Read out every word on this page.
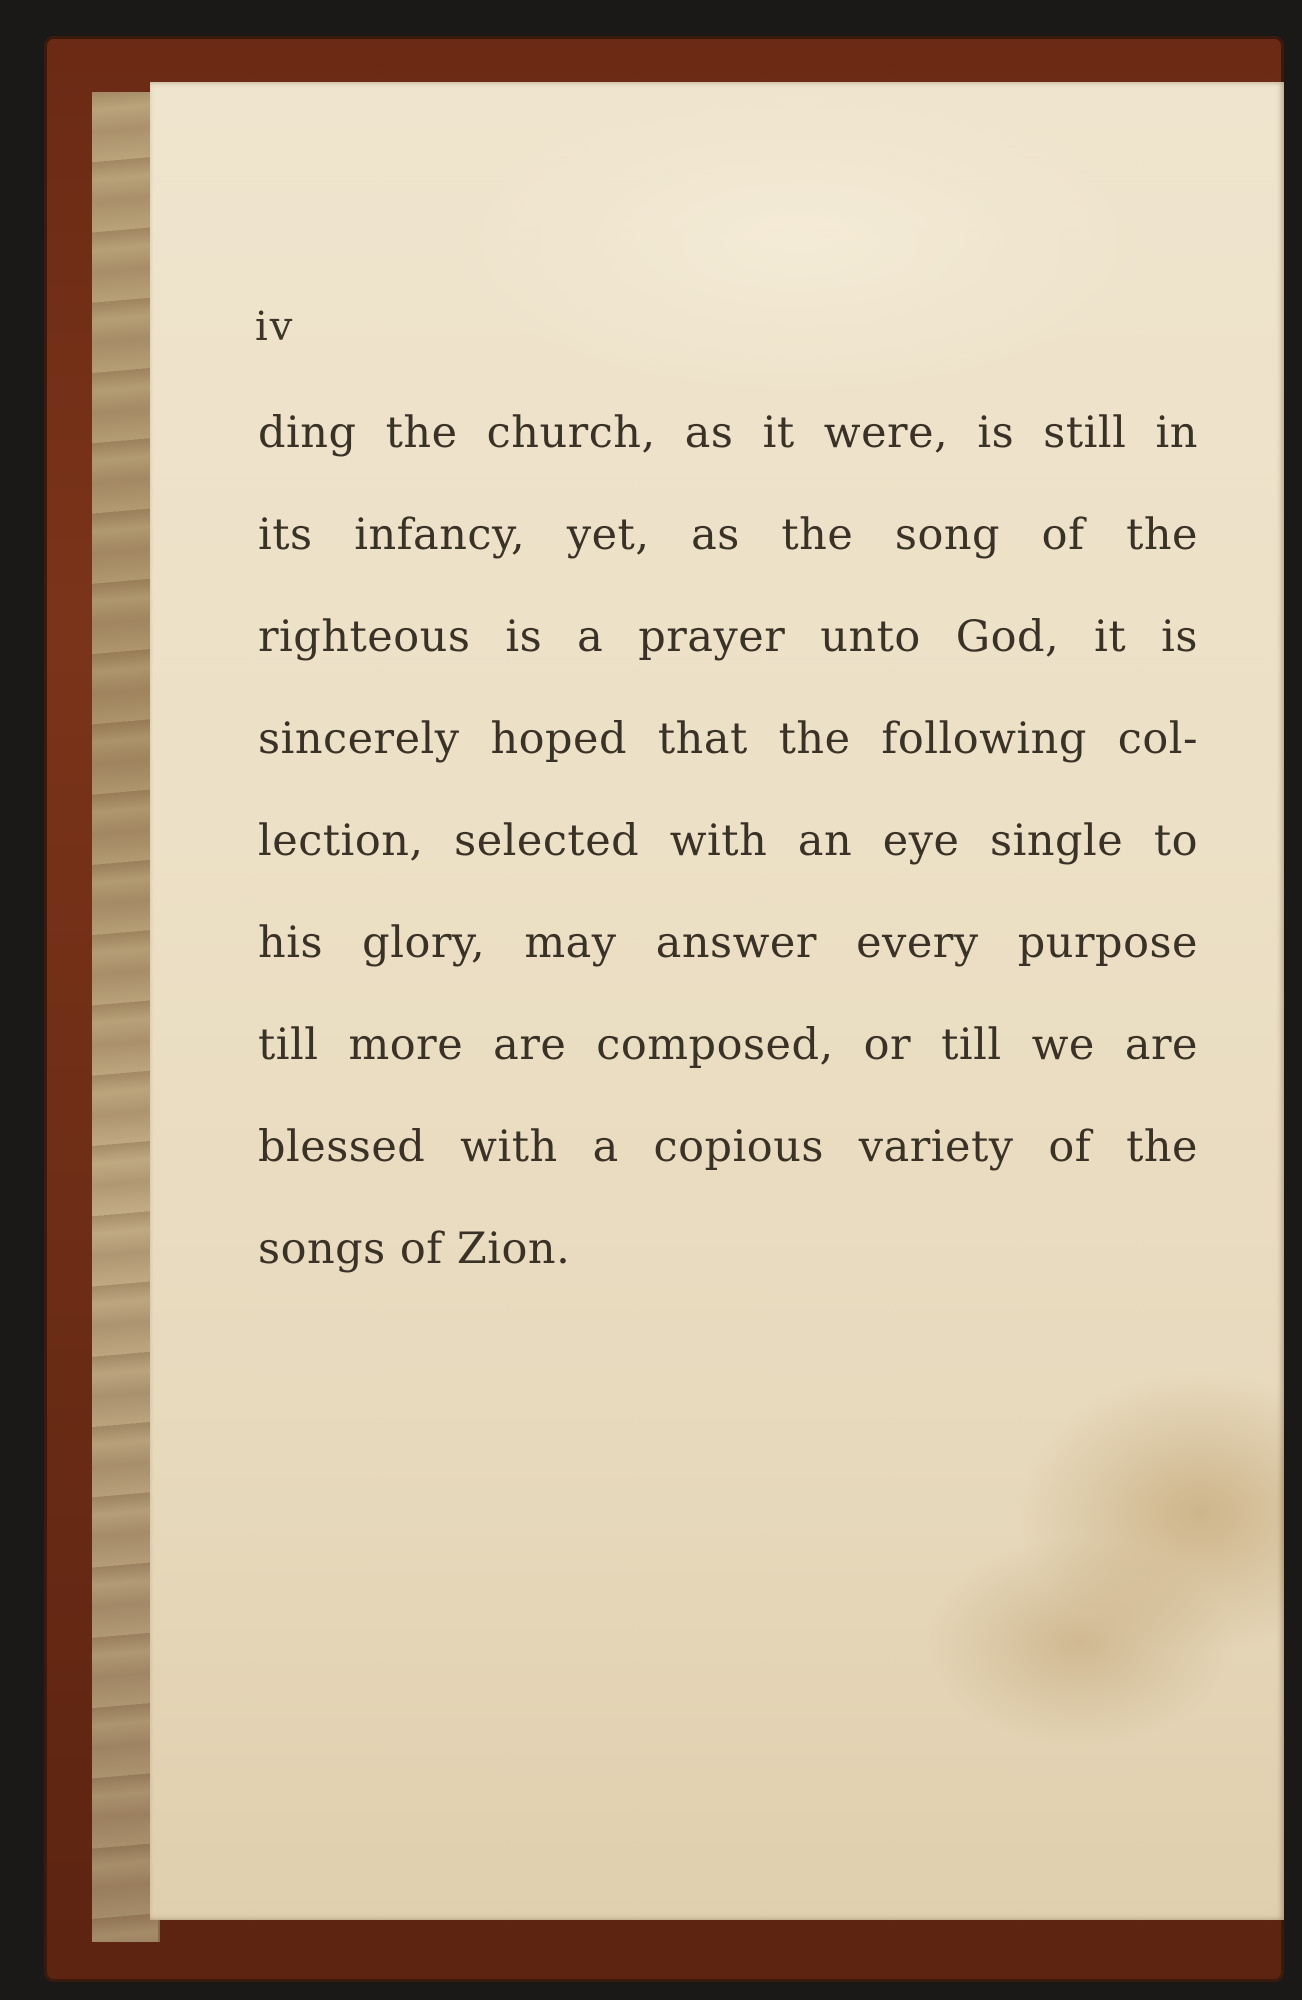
iv

ding the church, as it were, is still in
its infancy, yet, as the song of the
righteous is a prayer unto God, it is
sincerely hoped that the following col-
lection, selected with an eye single to
his glory, may answer every purpose
till more are composed, or till we are
blessed with a copious variety of the
songs of Zion.
